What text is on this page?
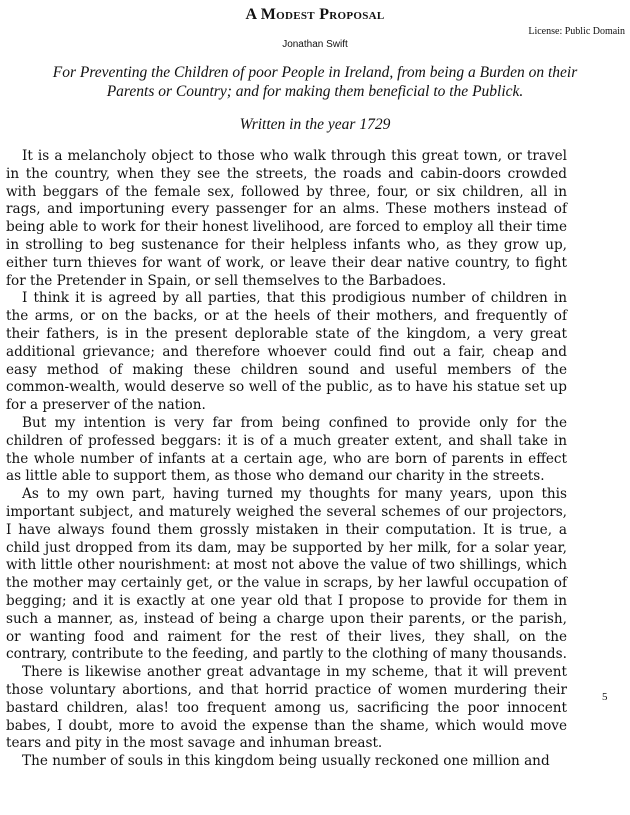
A Modest Proposal
License: Public Domain
Jonathan Swift
For Preventing the Children of poor People in Ireland, from being a Burden on their Parents or Country; and for making them beneficial to the Publick.
Written in the year 1729

It is a melancholy object to those who walk through this great town, or travel in the country, when they see the streets, the roads and cabin-doors crowded with beggars of the female sex, followed by three, four, or six children, all in rags, and importuning every passenger for an alms. These mothers instead of being able to work for their honest livelihood, are forced to employ all their time in strolling to beg sustenance for their helpless infants who, as they grow up, either turn thieves for want of work, or leave their dear native country, to fight for the Pretender in Spain, or sell themselves to the Barbadoes.

I think it is agreed by all parties, that this prodigious number of children in the arms, or on the backs, or at the heels of their mothers, and frequently of their fathers, is in the present deplorable state of the kingdom, a very great additional grievance; and therefore whoever could find out a fair, cheap and easy method of making these children sound and useful members of the common-wealth, would deserve so well of the public, as to have his statue set up for a preserver of the nation.

But my intention is very far from being confined to provide only for the children of professed beggars: it is of a much greater extent, and shall take in the whole number of infants at a certain age, who are born of parents in effect as little able to support them, as those who demand our charity in the streets.

As to my own part, having turned my thoughts for many years, upon this important subject, and maturely weighed the several schemes of our projectors, I have always found them grossly mistaken in their computation. It is true, a child just dropped from its dam, may be supported by her milk, for a solar year, with little other nourishment: at most not above the value of two shillings, which the mother may certainly get, or the value in scraps, by her lawful occupation of begging; and it is exactly at one year old that I propose to provide for them in such a manner, as, instead of being a charge upon their parents, or the parish, or wanting food and raiment for the rest of their lives, they shall, on the contrary, contribute to the feeding, and partly to the clothing of many thousands.

There is likewise another great advantage in my scheme, that it will prevent those voluntary abortions, and that horrid practice of women murdering their bastard children, alas! too frequent among us, sacrificing the poor innocent babes, I doubt, more to avoid the expense than the shame, which would move tears and pity in the most savage and inhuman breast.

The number of souls in this kingdom being usually reckoned one million and

5
